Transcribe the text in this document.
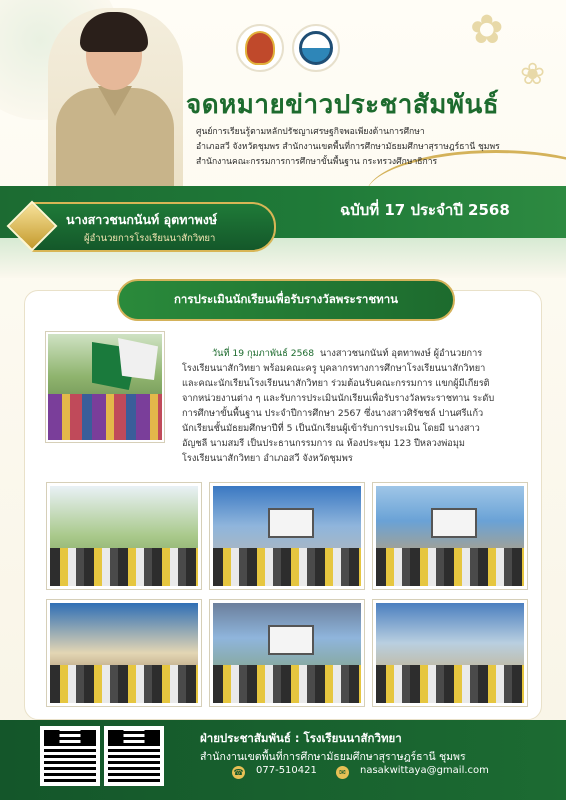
✿
❀
จดหมายข่าวประชาสัมพันธ์
ศูนย์การเรียนรู้ตามหลักปรัชญาเศรษฐกิจพอเพียงด้านการศึกษา
อำเภอสวี จังหวัดชุมพร สำนักงานเขตพื้นที่การศึกษามัธยมศึกษาสุราษฎร์ธานี ชุมพร
สำนักงานคณะกรรมการการศึกษาขั้นพื้นฐาน กระทรวงศึกษาธิการ
ฉบับที่ 17 ประจำปี 2568
นางสาวชนกนันท์ อุตทาพงษ์
ผู้อำนวยการโรงเรียนนาสักวิทยา
การประเมินนักเรียนเพื่อรับรางวัลพระราชทาน

วันที่ 19 กุมภาพันธ์ 2568 นางสาวชนกนันท์ อุตทาพงษ์ ผู้อำนวยการ

โรงเรียนนาสักวิทยา พร้อมคณะครู บุคลากรทางการศึกษาโรงเรียนนาสักวิทยา

และคณะนักเรียนโรงเรียนนาสักวิทยา ร่วมต้อนรับคณะกรรมการ แขกผู้มีเกียรติ

จากหน่วยงานต่าง ๆ และรับการประเมินนักเรียนเพื่อรับรางวัลพระราชทาน ระดับ

การศึกษาขั้นพื้นฐาน ประจำปีการศึกษา 2567 ซึ่งนางสาวศิรัชชล์ ปานศรีแก้ว

นักเรียนชั้นมัธยมศึกษาปีที่ 5 เป็นนักเรียนผู้เข้ารับการประเมิน โดยมี นางสาว

อัญชลี นามสมรี เป็นประธานกรรมการ ณ ห้องประชุม 123 ปีหลวงพ่อมุม

โรงเรียนนาสักวิทยา อำเภอสวี จังหวัดชุมพร

ฝ่ายประชาสัมพันธ์ : โรงเรียนนาสักวิทยา
สำนักงานเขตพื้นที่การศึกษามัธยมศึกษาสุราษฎร์ธานี ชุมพร
☎ 077-510421	✉	nasakwittaya@gmail.com
